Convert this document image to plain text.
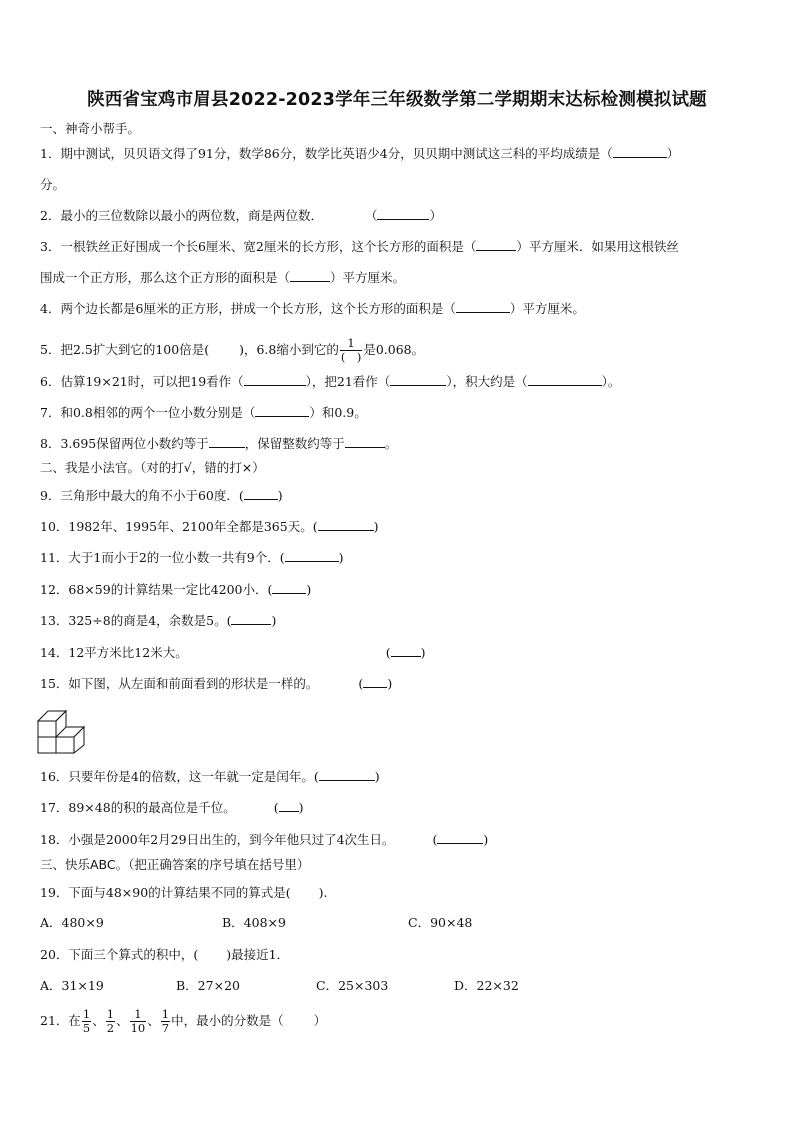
陕西省宝鸡市眉县2022-2023学年三年级数学第二学期期末达标检测模拟试题
一、神奇小帮手。
1．期中测试，贝贝语文得了91分，数学86分，数学比英语少4分，贝贝期中测试这三科的平均成绩是（	）
分。
2．最小的三位数除以最小的两位数，商是两位数．	（	）
3．一根铁丝正好围成一个长6厘米、宽2厘米的长方形，这个长方形的面积是（	）平方厘米．如果用这根铁丝
围成一个正方形，那么这个正方形的面积是（	）平方厘米。
4．两个边长都是6厘米的正方形，拼成一个长方形，这个长方形的面积是（	）平方厘米。
5．把2.5扩大到它的100倍是( )，6.8缩小到它的 $\frac{1}{( )}$ 是0.068。
6．估算19×21时，可以把19看作（	），把21看作（	），积大约是（	）。
7．和0.8相邻的两个一位小数分别是（	）和0.9。
8．3.695保留两位小数约等于	，保留整数约等于	。
二、我是小法官。（对的打√，错的打×）
9．三角形中最大的角不小于60度．(	)
10．1982年、1995年、2100年全都是365天。(	)
11．大于1而小于2的一位小数一共有9个．(	)
12．68×59的计算结果一定比4200小．(	)
13．325÷8的商是4，余数是5。(	)
14．12平方米比12米大。	( )
15．如下图，从左面和前面看到的形状是一样的。	( )
16．只要年份是4的倍数，这一年就一定是闰年。(	)
17．89×48的积的最高位是千位。	( )
18．小强是2000年2月29日出生的，到今年他只过了4次生日。	(	)
三、快乐ABC。（把正确答案的序号填在括号里）
19．下面与48×90的计算结果不同的算式是( ).
A．480×9	B．408×9	C．90×48
20．下面三个算式的积中，( )最接近1．
A．31×19	B．27×20	C．25×303	D．22×32
21．在 $\frac{1}{5}$ 、 $\frac{1}{2}$ 、 $\frac{1}{10}$ 、 $\frac{1}{7}$ 中，最小的分数是（ ）
